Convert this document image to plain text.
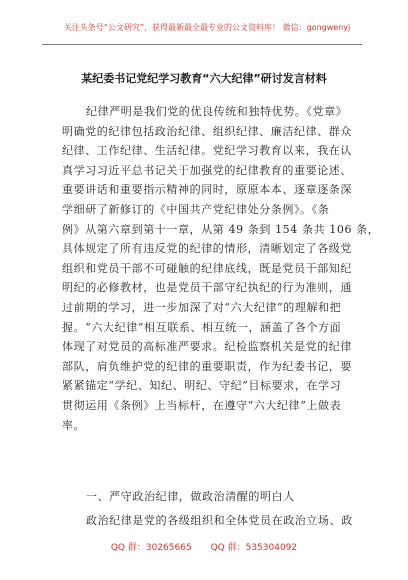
关注头条号“公文研究”，获得最新最全最专业的公文资料库！ 微信：gongwenyj
某纪委书记党纪学习教育“六大纪律”研讨发言材料
纪律严明是我们党的优良传统和独特优势。《党章》
明确党的纪律包括政治纪律、组织纪律、廉洁纪律、群众
纪律、工作纪律、生活纪律。党纪学习教育以来，我在认
真学习习近平总书记关于加强党的纪律教育的重要论述、
重要讲话和重要指示精神的同时，原原本本、逐章逐条深
学细研了新修订的《中国共产党纪律处分条例》。《条
例》从第六章到第十一章，从第 49 条到 154 条共 106 条，
具体规定了所有违反党的纪律的情形，清晰划定了各级党
组织和党员干部不可碰触的纪律底线，既是党员干部知纪
明纪的必修教材，也是党员干部守纪执纪的行为准则，通
过前期的学习，进一步加深了对“六大纪律”的理解和把
握。“六大纪律”相互联系、相互统一，涵盖了各个方面
体现了对党员的高标准严要求。纪检监察机关是党的纪律
部队，肩负维护党的纪律的重要职责，作为纪委书记，要
紧紧锚定“学纪、知纪、明纪、守纪”目标要求，在学习
贯彻运用《条例》上当标杆，在遵守“六大纪律”上做表
率。
一、严守政治纪律，做政治清醒的明白人
政治纪律是党的各级组织和全体党员在政治立场、政
QQ 群：30265665 QQ 群：535304092
